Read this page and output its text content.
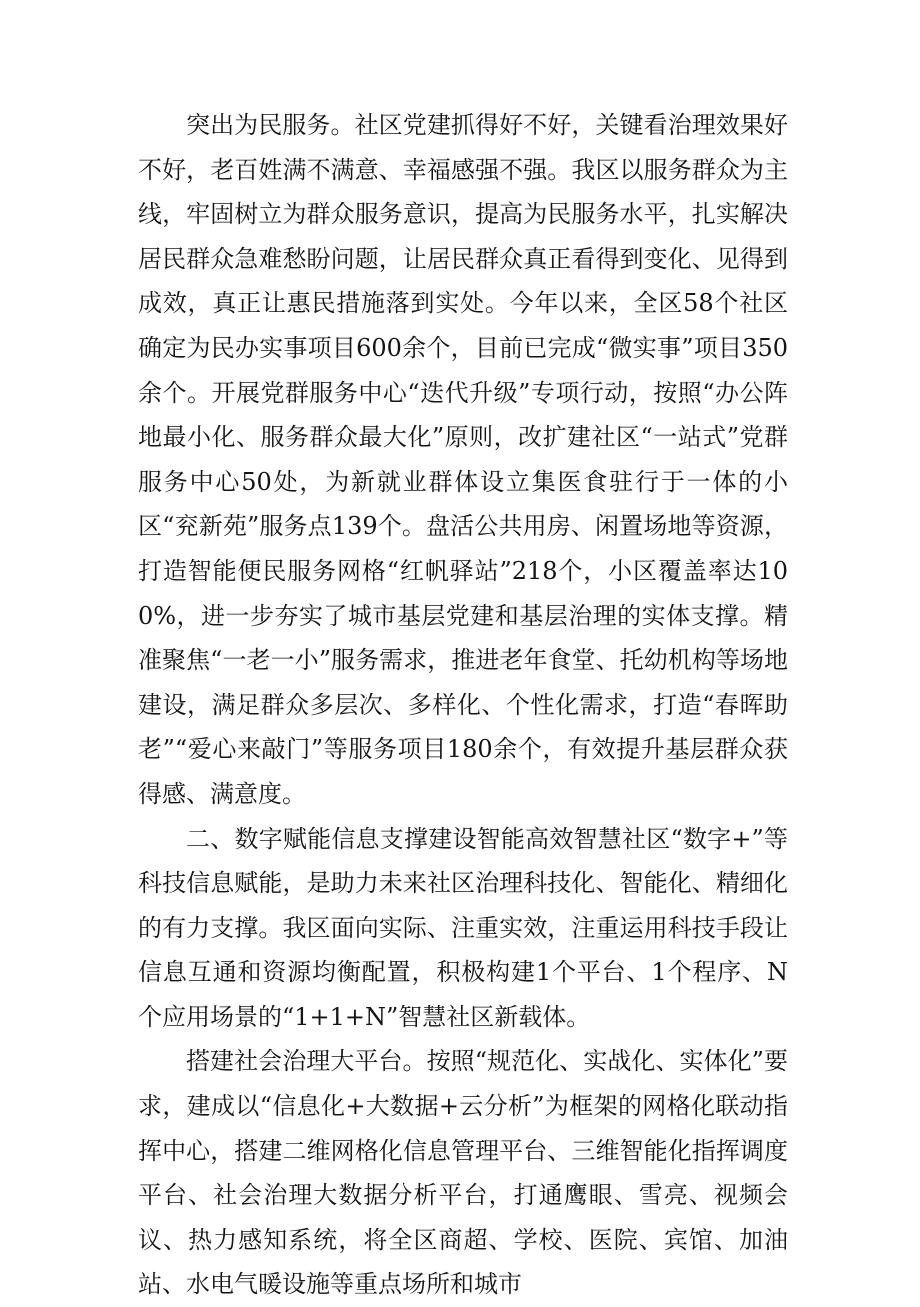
突出为民服务。社区党建抓得好不好，关键看治理效果好不好，老百姓满不满意、幸福感强不强。我区以服务群众为主线，牢固树立为群众服务意识，提高为民服务水平，扎实解决居民群众急难愁盼问题，让居民群众真正看得到变化、见得到成效，真正让惠民措施落到实处。今年以来，全区58个社区确定为民办实事项目600余个，目前已完成“微实事”项目350余个。开展党群服务中心“迭代升级”专项行动，按照“办公阵地最小化、服务群众最大化”原则，改扩建社区“一站式”党群服务中心50处，为新就业群体设立集医食驻行于一体的小区“兖新苑”服务点139个。盘活公共用房、闲置场地等资源，打造智能便民服务网格“红帆驿站”218个，小区覆盖率达100%，进一步夯实了城市基层党建和基层治理的实体支撑。精准聚焦“一老一小”服务需求，推进老年食堂、托幼机构等场地建设，满足群众多层次、多样化、个性化需求，打造“春晖助老”“爱心来敲门”等服务项目180余个，有效提升基层群众获得感、满意度。

二、数字赋能信息支撑建设智能高效智慧社区“数字+”等科技信息赋能，是助力未来社区治理科技化、智能化、精细化的有力支撑。我区面向实际、注重实效，注重运用科技手段让信息互通和资源均衡配置，积极构建1个平台、1个程序、N个应用场景的“1+1+N”智慧社区新载体。

搭建社会治理大平台。按照“规范化、实战化、实体化”要求，建成以“信息化+大数据+云分析”为框架的网格化联动指挥中心，搭建二维网格化信息管理平台、三维智能化指挥调度平台、社会治理大数据分析平台，打通鹰眼、雪亮、视频会议、热力感知系统，将全区商超、学校、医院、宾馆、加油站、水电气暖设施等重点场所和城市
